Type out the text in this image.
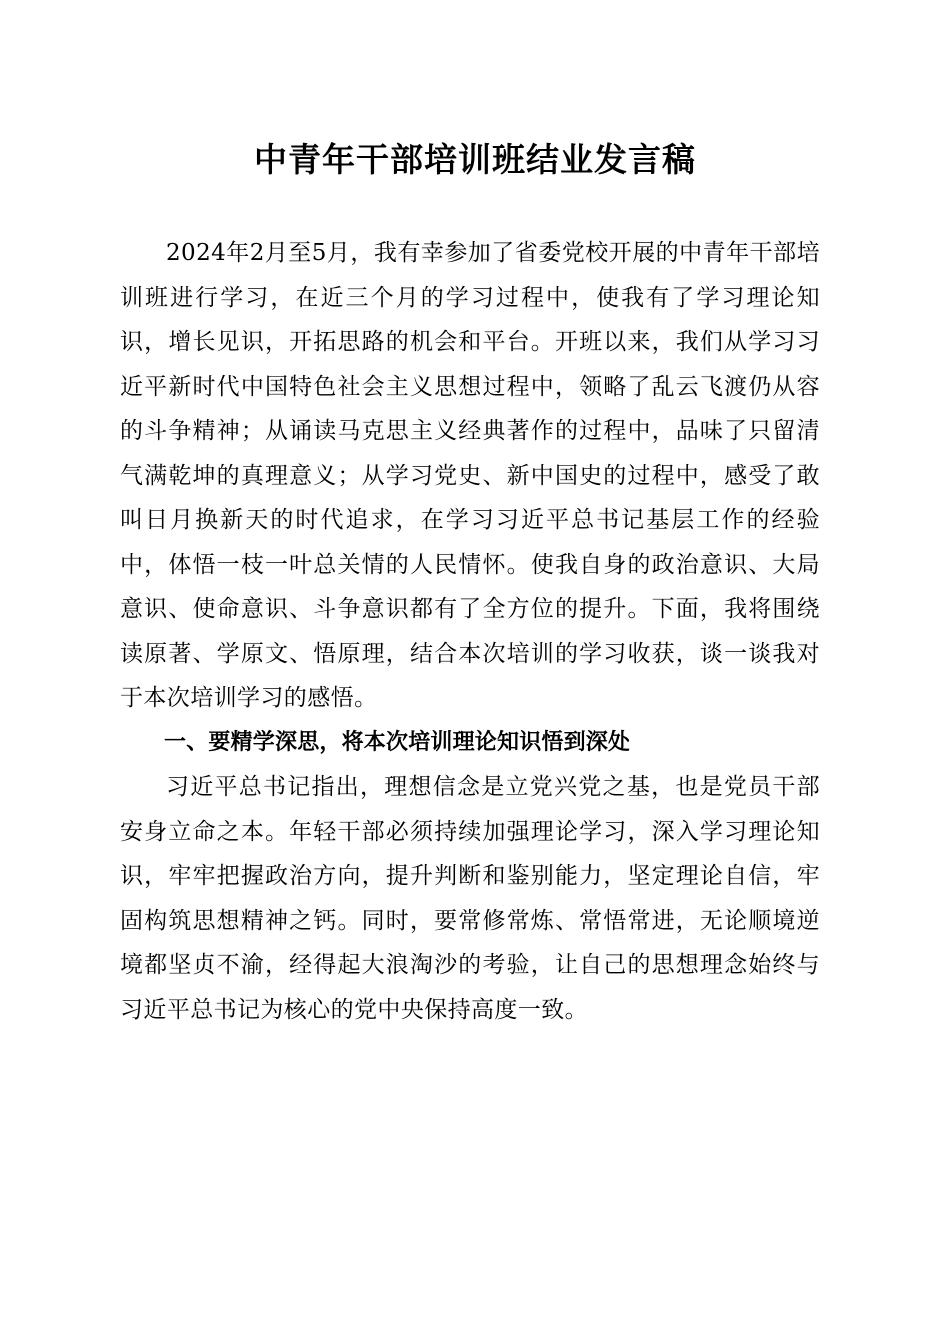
中青年干部培训班结业发言稿

2024年2月至5月，我有幸参加了省委党校开展的中青年干部培训班进行学习，在近三个月的学习过程中，使我有了学习理论知识，增长见识，开拓思路的机会和平台。开班以来，我们从学习习近平新时代中国特色社会主义思想过程中，领略了乱云飞渡仍从容的斗争精神；从诵读马克思主义经典著作的过程中，品味了只留清气满乾坤的真理意义；从学习党史、新中国史的过程中，感受了敢叫日月换新天的时代追求，在学习习近平总书记基层工作的经验中，体悟一枝一叶总关情的人民情怀。使我自身的政治意识、大局意识、使命意识、斗争意识都有了全方位的提升。下面，我将围绕读原著、学原文、悟原理，结合本次培训的学习收获，谈一谈我对于本次培训学习的感悟。

一、要精学深思，将本次培训理论知识悟到深处

习近平总书记指出，理想信念是立党兴党之基，也是党员干部安身立命之本。年轻干部必须持续加强理论学习，深入学习理论知识，牢牢把握政治方向，提升判断和鉴别能力，坚定理论自信，牢固构筑思想精神之钙。同时，要常修常炼、常悟常进，无论顺境逆境都坚贞不渝，经得起大浪淘沙的考验，让自己的思想理念始终与习近平总书记为核心的党中央保持高度一致。
